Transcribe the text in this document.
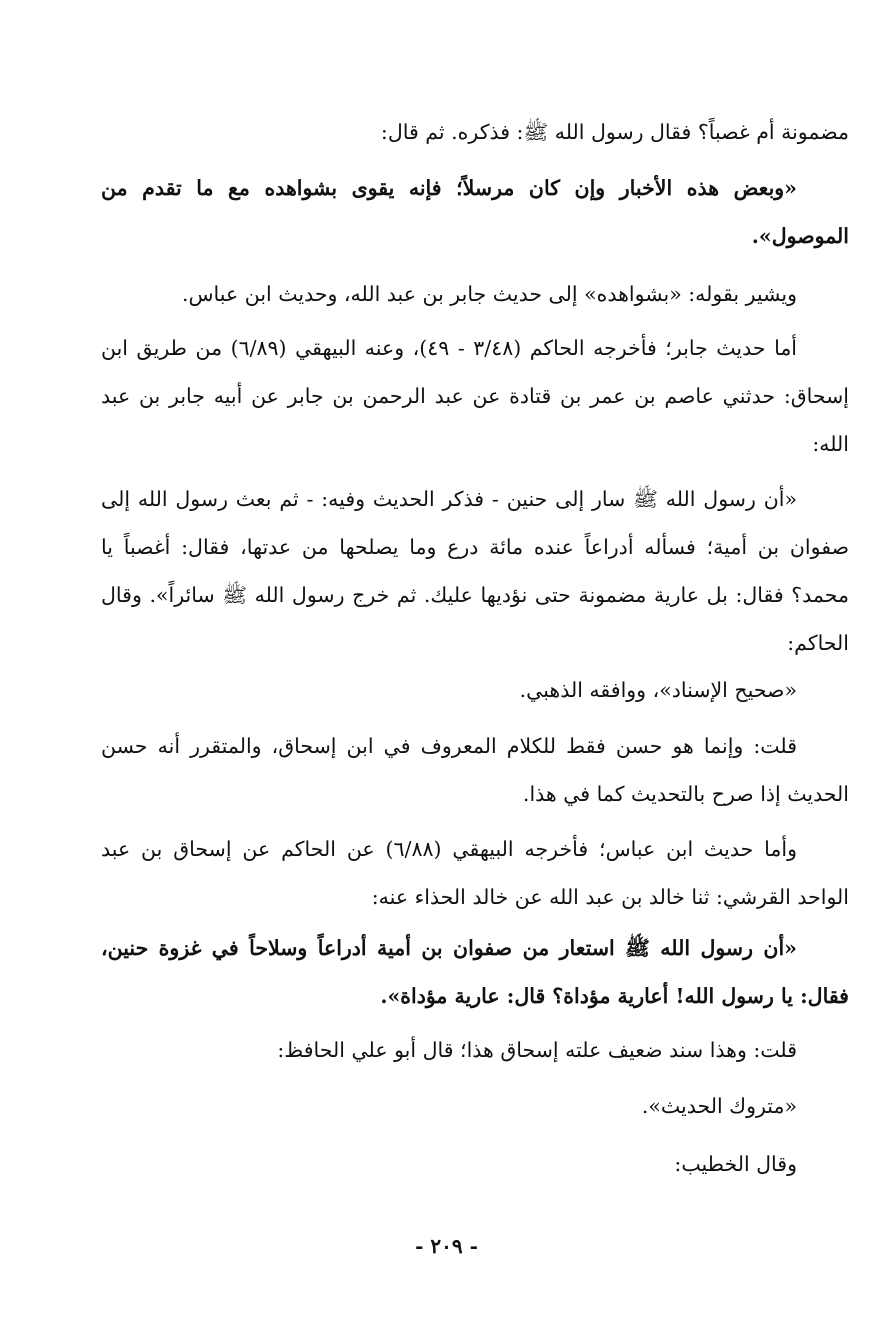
مضمونة أم غصباً؟ فقال رسول الله ﷺ: فذكره. ثم قال:
«وبعض هذه الأخبار وإن كان مرسلاً؛ فإنه يقوى بشواهده مع ما تقدم من الموصول».
ويشير بقوله: «بشواهده» إلى حديث جابر بن عبد الله، وحديث ابن عباس.
أما حديث جابر؛ فأخرجه الحاكم (٣/٤٨ - ٤٩)، وعنه البيهقي (٦/٨٩) من طريق ابن إسحاق: حدثني عاصم بن عمر بن قتادة عن عبد الرحمن بن جابر عن أبيه جابر بن عبد الله:
«أن رسول الله ﷺ سار إلى حنين - فذكر الحديث وفيه: - ثم بعث رسول الله إلى صفوان بن أمية؛ فسأله أدراعاً عنده مائة درع وما يصلحها من عدتها، فقال: أغصباً يا محمد؟ فقال: بل عارية مضمونة حتى نؤديها عليك. ثم خرج رسول الله ﷺ سائراً». وقال الحاكم:
«صحيح الإسناد»، ووافقه الذهبي.
قلت: وإنما هو حسن فقط للكلام المعروف في ابن إسحاق، والمتقرر أنه حسن الحديث إذا صرح بالتحديث كما في هذا.
وأما حديث ابن عباس؛ فأخرجه البيهقي (٦/٨٨) عن الحاكم عن إسحاق بن عبد الواحد القرشي: ثنا خالد بن عبد الله عن خالد الحذاء عنه:
«أن رسول الله ﷺ استعار من صفوان بن أمية أدراعاً وسلاحاً في غزوة حنين، فقال: يا رسول الله! أعارية مؤداة؟ قال: عارية مؤداة».
قلت: وهذا سند ضعيف علته إسحاق هذا؛ قال أبو علي الحافظ:
«متروك الحديث».
وقال الخطيب:
- ٢٠٩ -
